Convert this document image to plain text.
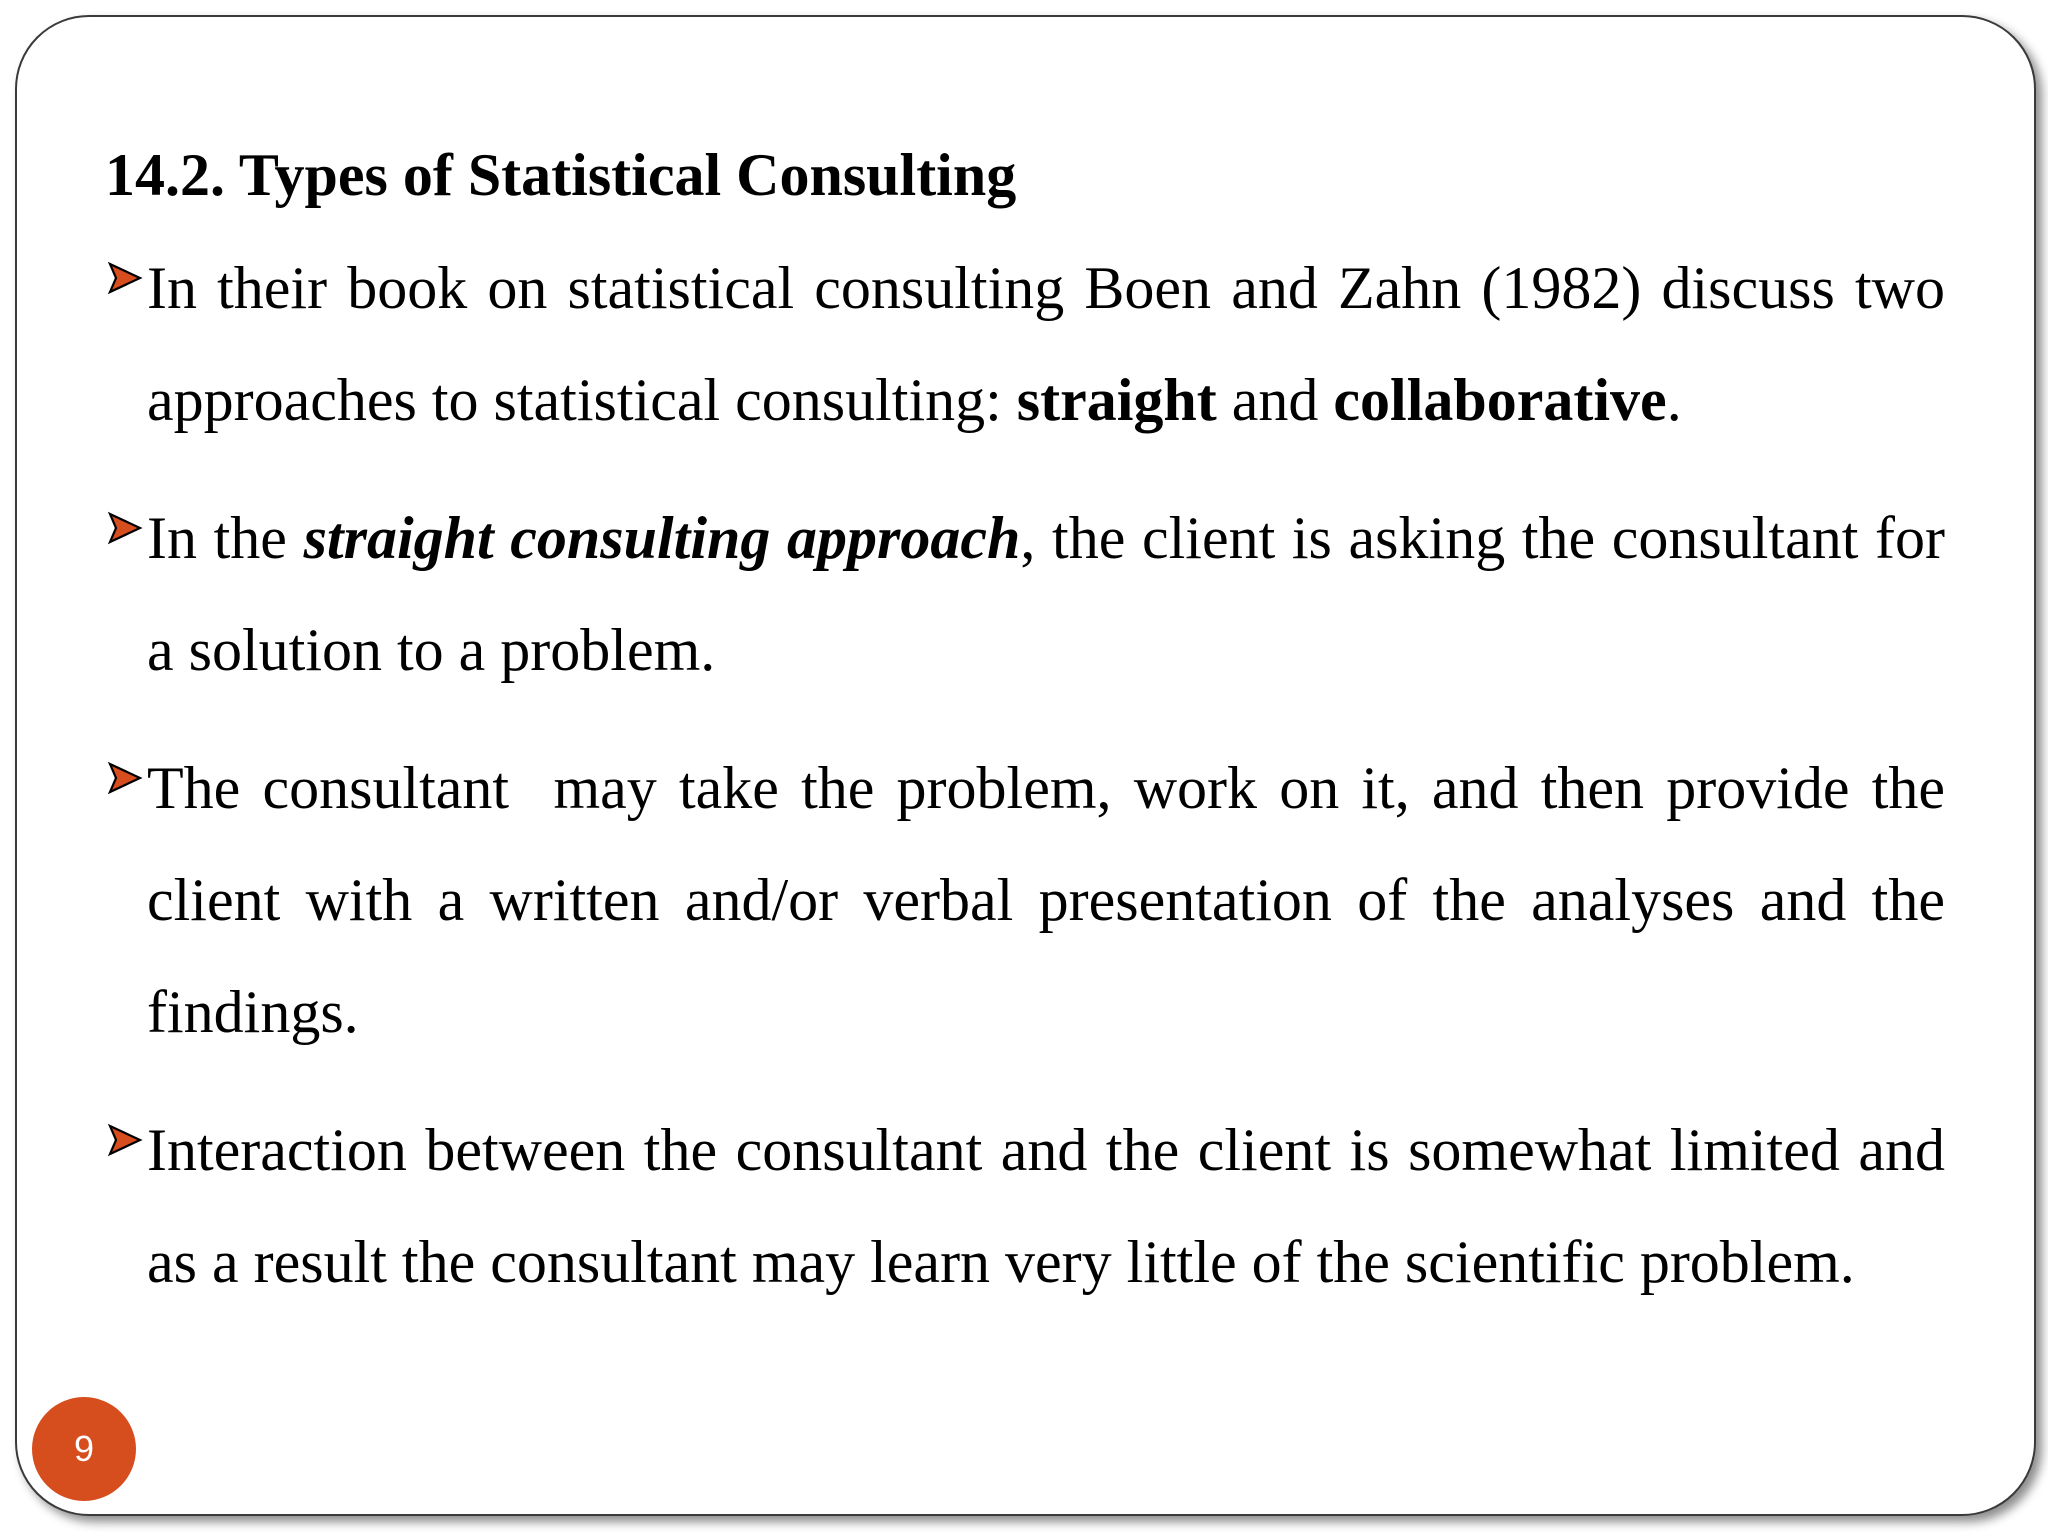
14.2. Types of Statistical Consulting
In their book on statistical consulting Boen and Zahn (1982) discuss two approaches to statistical consulting: straight and collaborative.
In the straight consulting approach, the client is asking the consultant for a solution to a problem.
The consultant  may take the problem, work on it, and then provide the client with a written and/or verbal presentation of the analyses and the findings.
Interaction between the consultant and the client is somewhat limited and as a result the consultant may learn very little of the scientific problem.
9
